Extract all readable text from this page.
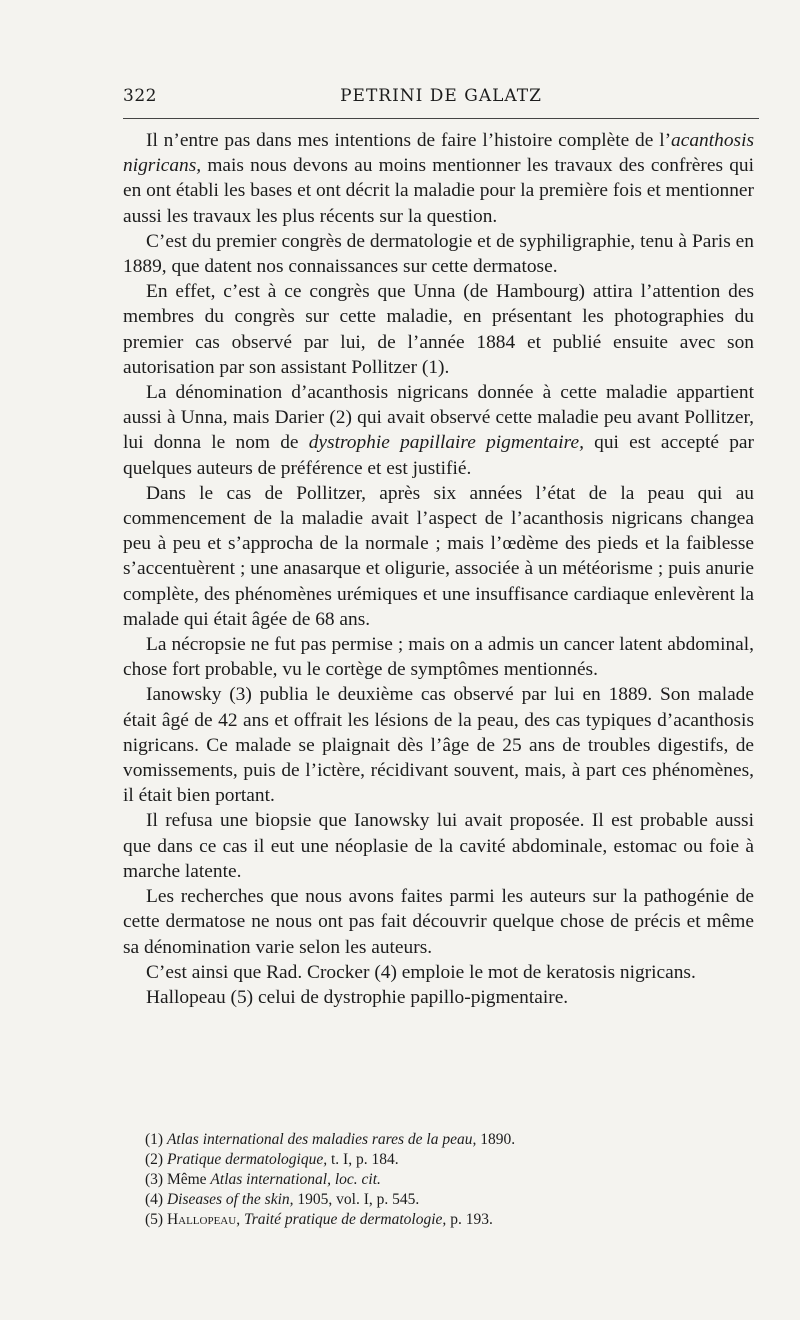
322	PETRINI DE GALATZ

Il n’entre pas dans mes intentions de faire l’histoire complète de l’acanthosis nigricans, mais nous devons au moins mentionner les travaux des confrères qui en ont établi les bases et ont décrit la maladie pour la première fois et mentionner aussi les travaux les plus récents sur la question.

C’est du premier congrès de dermatologie et de syphiligraphie, tenu à Paris en 1889, que datent nos connaissances sur cette dermatose.

En effet, c’est à ce congrès que Unna (de Hambourg) attira l’attention des membres du congrès sur cette maladie, en présentant les photographies du premier cas observé par lui, de l’année 1884 et publié ensuite avec son autorisation par son assistant Pollitzer (1).

La dénomination d’acanthosis nigricans donnée à cette maladie appartient aussi à Unna, mais Darier (2) qui avait observé cette maladie peu avant Pollitzer, lui donna le nom de dystrophie papillaire pigmentaire, qui est accepté par quelques auteurs de préférence et est justifié.

Dans le cas de Pollitzer, après six années l’état de la peau qui au commencement de la maladie avait l’aspect de l’acanthosis nigricans changea peu à peu et s’approcha de la normale ; mais l’œdème des pieds et la faiblesse s’accentuèrent ; une anasarque et oligurie, associée à un météorisme ; puis anurie complète, des phénomènes urémiques et une insuffisance cardiaque enlevèrent la malade qui était âgée de 68 ans.

La nécropsie ne fut pas permise ; mais on a admis un cancer latent abdominal, chose fort probable, vu le cortège de symptômes mentionnés.

Ianowsky (3) publia le deuxième cas observé par lui en 1889. Son malade était âgé de 42 ans et offrait les lésions de la peau, des cas typiques d’acanthosis nigricans. Ce malade se plaignait dès l’âge de 25 ans de troubles digestifs, de vomissements, puis de l’ictère, récidivant souvent, mais, à part ces phénomènes, il était bien portant.

Il refusa une biopsie que Ianowsky lui avait proposée. Il est probable aussi que dans ce cas il eut une néoplasie de la cavité abdominale, estomac ou foie à marche latente.

Les recherches que nous avons faites parmi les auteurs sur la pathogénie de cette dermatose ne nous ont pas fait découvrir quelque chose de précis et même sa dénomination varie selon les auteurs.

C’est ainsi que Rad. Crocker (4) emploie le mot de keratosis nigricans.

Hallopeau (5) celui de dystrophie papillo-pigmentaire.

(1) Atlas international des maladies rares de la peau, 1890.
(2) Pratique dermatologique, t. I, p. 184.
(3) Même Atlas international, loc. cit.
(4) Diseases of the skin, 1905, vol. I, p. 545.
(5) Hallopeau, Traité pratique de dermatologie, p. 193.
